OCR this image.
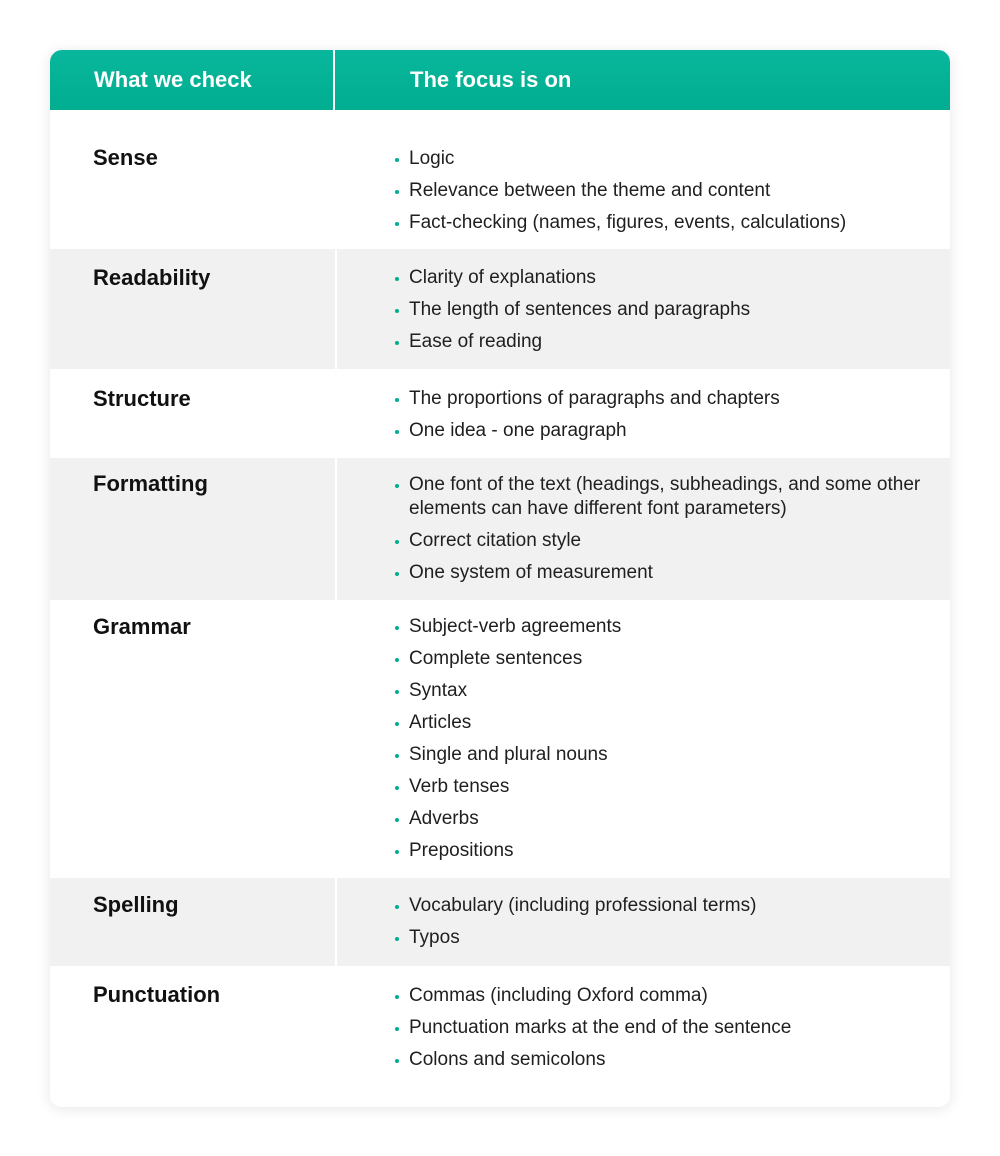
What we check	The focus is on
Sense	Logic
Relevance between the theme and content
Fact-checking (names, figures, events, calculations)
Readability	Clarity of explanations
The length of sentences and paragraphs
Ease of reading
Structure	The proportions of paragraphs and chapters
One idea - one paragraph
Formatting	One font of the text (headings, subheadings, and some other elements can have different font parameters)
Correct citation style
One system of measurement
Grammar	Subject-verb agreements
Complete sentences
Syntax
Articles
Single and plural nouns
Verb tenses
Adverbs
Prepositions
Spelling	Vocabulary (including professional terms)
Typos
Punctuation	Commas (including Oxford comma)
Punctuation marks at the end of the sentence
Colons and semicolons
